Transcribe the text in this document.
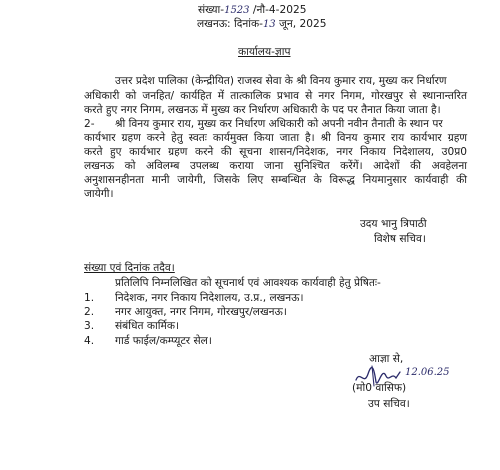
संख्या-1523 /नौ-4-2025
लखनऊ: दिनांक-13 जून, 2025
कार्यालय-ज्ञाप
उत्तर प्रदेश पालिका (केन्द्रीयित) राजस्व सेवा के श्री विनय कुमार राय, मुख्य कर निर्धारण
अधिकारी को जनहित/ कार्यहित में तात्कालिक प्रभाव से नगर निगम, गोरखपुर से स्थानान्तरित
करते हुए नगर निगम, लखनऊ में मुख्य कर निर्धारण अधिकारी के पद पर तैनात किया जाता है।
2- श्री विनय कुमार राय, मुख्य कर निर्धारण अधिकारी को अपनी नवीन तैनाती के स्थान पर
कार्यभार ग्रहण करने हेतु स्वतः कार्यमुक्त किया जाता है। श्री विनय कुमार राय कार्यभार ग्रहण
करते हुए कार्यभार ग्रहण करने की सूचना शासन/निदेशक, नगर निकाय निदेशालय, उ0प्र0
लखनऊ को अविलम्ब उपलब्ध कराया जाना सुनिश्चित करेंगें। आदेशों की अवहेलना
अनुशासनहीनता मानी जायेगी, जिसके लिए सम्बन्धित के विरूद्ध नियमानुसार कार्यवाही की
जायेगी।
उदय भानु त्रिपाठी
विशेष सचिव।
संख्या एवं दिनांक तदैव।
प्रतिलिपि निम्नलिखित को सूचनार्थ एवं आवश्यक कार्यवाही हेतु प्रेषितः-
1. निदेशक, नगर निकाय निदेशालय, उ.प्र., लखनऊ।
2. नगर आयुक्त, नगर निगम, गोरखपुर/लखनऊ।
3. संबंधित कार्मिक।
4. गार्ड फाईल/कम्प्यूटर सेल।
आज्ञा से,
12.06.25
(मो0 वासिफ)
उप सचिव।
